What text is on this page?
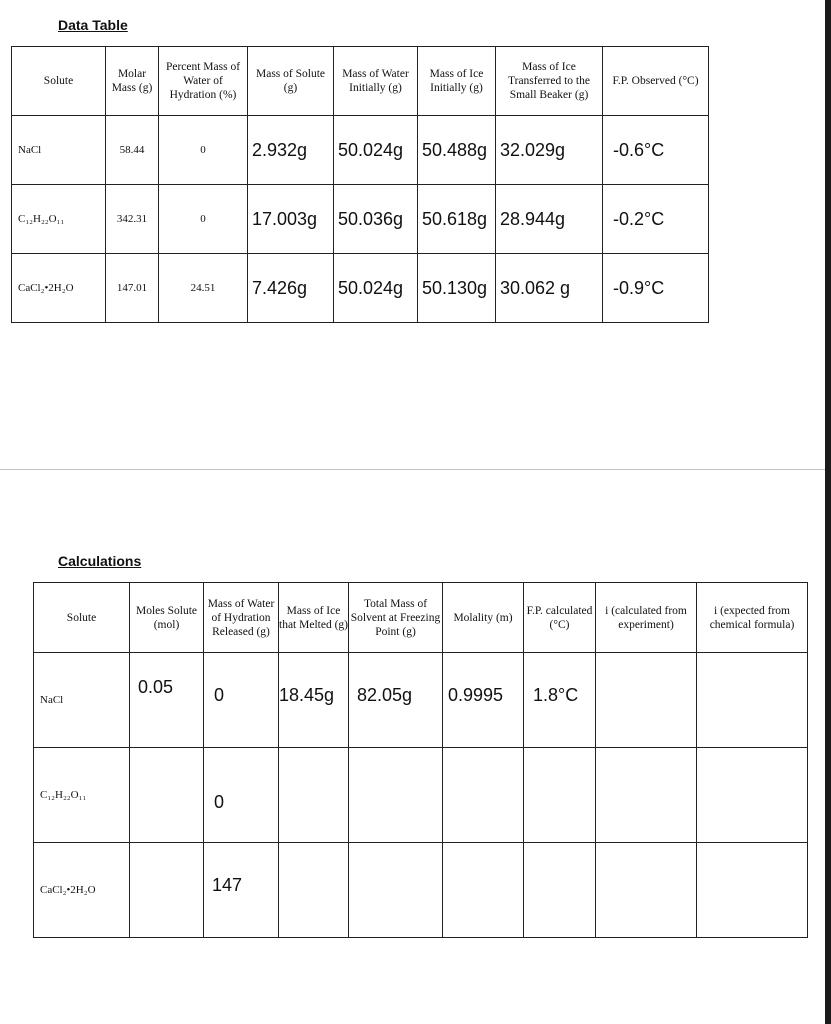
Data Table
Solute	Molar Mass (g)	Percent Mass of Water of Hydration (%)	Mass of Solute (g)	Mass of Water Initially (g)	Mass of Ice Initially (g)	Mass of Ice Transferred to the Small Beaker (g)	F.P. Observed (°C)
NaCl	58.44	0	2.932g	50.024g	50.488g	32.029g	-0.6°C
C₁₂H₂₂O₁₁	342.31	0	17.003g	50.036g	50.618g	28.944g	-0.2°C
CaCl₂•2H₂O	147.01	24.51	7.426g	50.024g	50.130g	30.062 g	-0.9°C
Calculations
Solute	Moles Solute (mol)	Mass of Water of Hydration Released (g)	Mass of Ice that Melted (g)	Total Mass of Solvent at Freezing Point (g)	Molality (m)	F.P. calculated (°C)	i (calculated from experiment)	i (expected from chemical formula)
NaCl	0.05	0	18.45g	82.05g	0.9995	1.8°C		
C₁₂H₂₂O₁₁		0						
CaCl₂•2H₂O		147						
